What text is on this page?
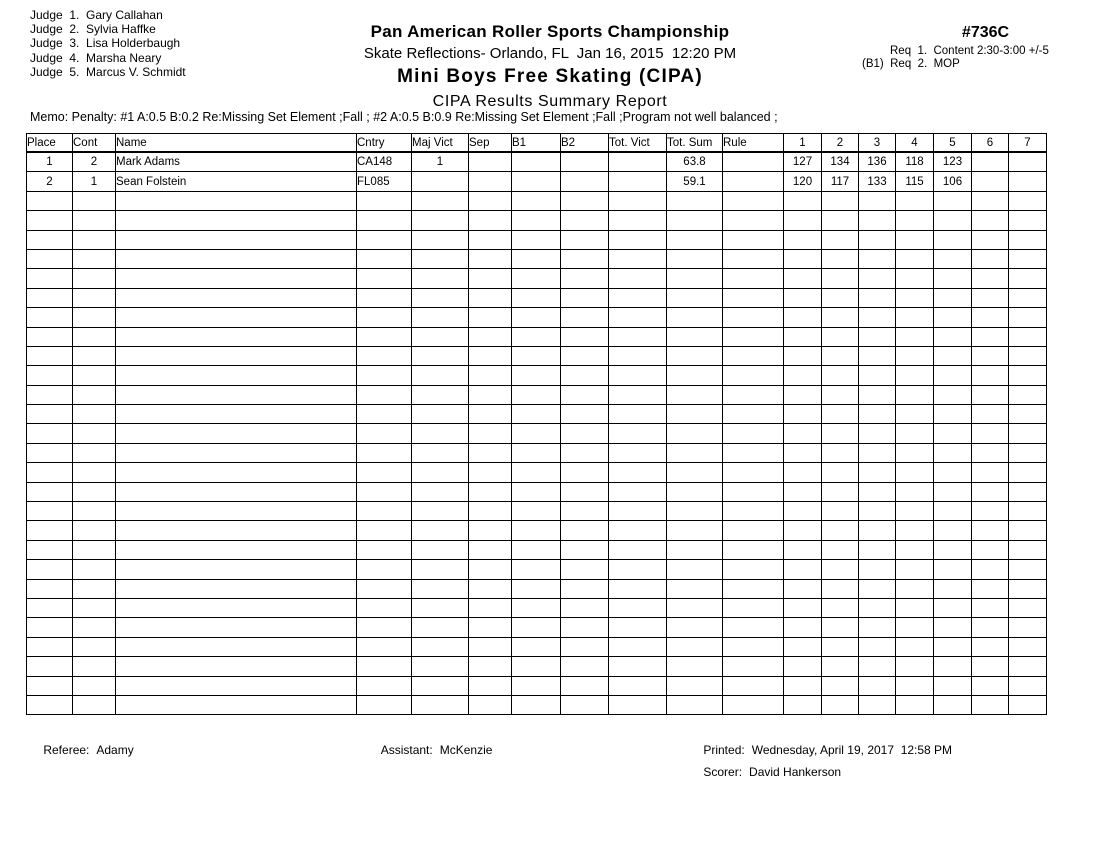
Judge  1.  Gary Callahan
Judge  2.  Sylvia Haffke
Judge  3.  Lisa Holderbaugh
Judge  4.  Marsha Neary
Judge  5.  Marcus V. Schmidt
Pan American Roller Sports Championship
Skate Reflections- Orlando, FL  Jan 16, 2015  12:20 PM
Mini Boys Free Skating (CIPA)
CIPA Results Summary Report
#736C
Req  1.  Content 2:30-3:00 +/-5
(B1)  Req  2.  MOP
Memo: Penalty: #1 A:0.5 B:0.2 Re:Missing Set Element ;Fall ; #2 A:0.5 B:0.9 Re:Missing Set Element ;Fall ;Program not well balanced ;
Place	Cont	Name	Cntry	Maj Vict	Sep	B1	B2	Tot. Vict	Tot. Sum	Rule	1	2	3	4	5	6	7
1	2	Mark Adams	CA148	1					63.8		127	134	136	118	123		
2	1	Sean Folstein	FL085						59.1		120	117	133	115	106		

Referee: Adamy
	Assistant: McKenzie
	Printed: Wednesday, April 19, 2017  12:58 PM

Scorer: David Hankerson
